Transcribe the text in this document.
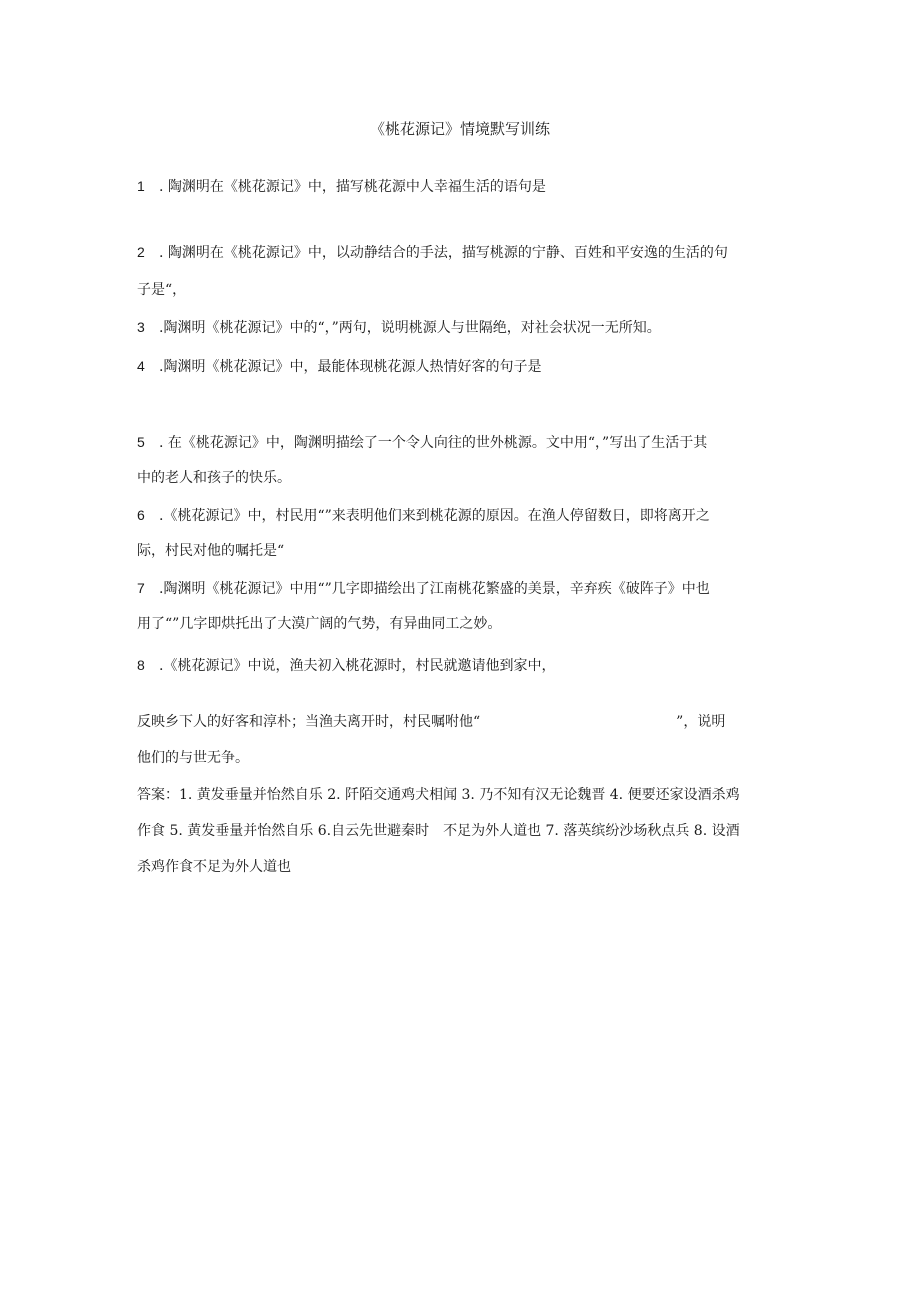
《桃花源记》情境默写训练
1 . 陶渊明在《桃花源记》中，描写桃花源中人幸福生活的语句是
2 . 陶渊明在《桃花源记》中，以动静结合的手法，描写桃源的宁静、百姓和平安逸的生活的句
子是“，
3 .陶渊明《桃花源记》中的“，”两句，说明桃源人与世隔绝，对社会状况一无所知。
4 .陶渊明《桃花源记》中，最能体现桃花源人热情好客的句子是
5 . 在《桃花源记》中，陶渊明描绘了一个令人向往的世外桃源。文中用“，”写出了生活于其
中的老人和孩子的快乐。
6 .《桃花源记》中，村民用“”来表明他们来到桃花源的原因。在渔人停留数日，即将离开之
际，村民对他的嘱托是“
7 .陶渊明《桃花源记》中用“”几字即描绘出了江南桃花繁盛的美景，辛弃疾《破阵子》中也
用了“”几字即烘托出了大漠广阔的气势，有异曲同工之妙。
8 .《桃花源记》中说，渔夫初入桃花源时，村民就邀请他到家中，
反映乡下人的好客和淳朴；当渔夫离开时，村民嘱咐他“	”，说明
他们的与世无争。
答案：1. 黄发垂量并怡然自乐 2. 阡陌交通鸡犬相闻 3. 乃不知有汉无论魏晋 4. 便要还家设酒杀鸡
作食 5. 黄发垂量并怡然自乐 6.自云先世避秦时 不足为外人道也 7. 落英缤纷沙场秋点兵 8. 设酒
杀鸡作食不足为外人道也
